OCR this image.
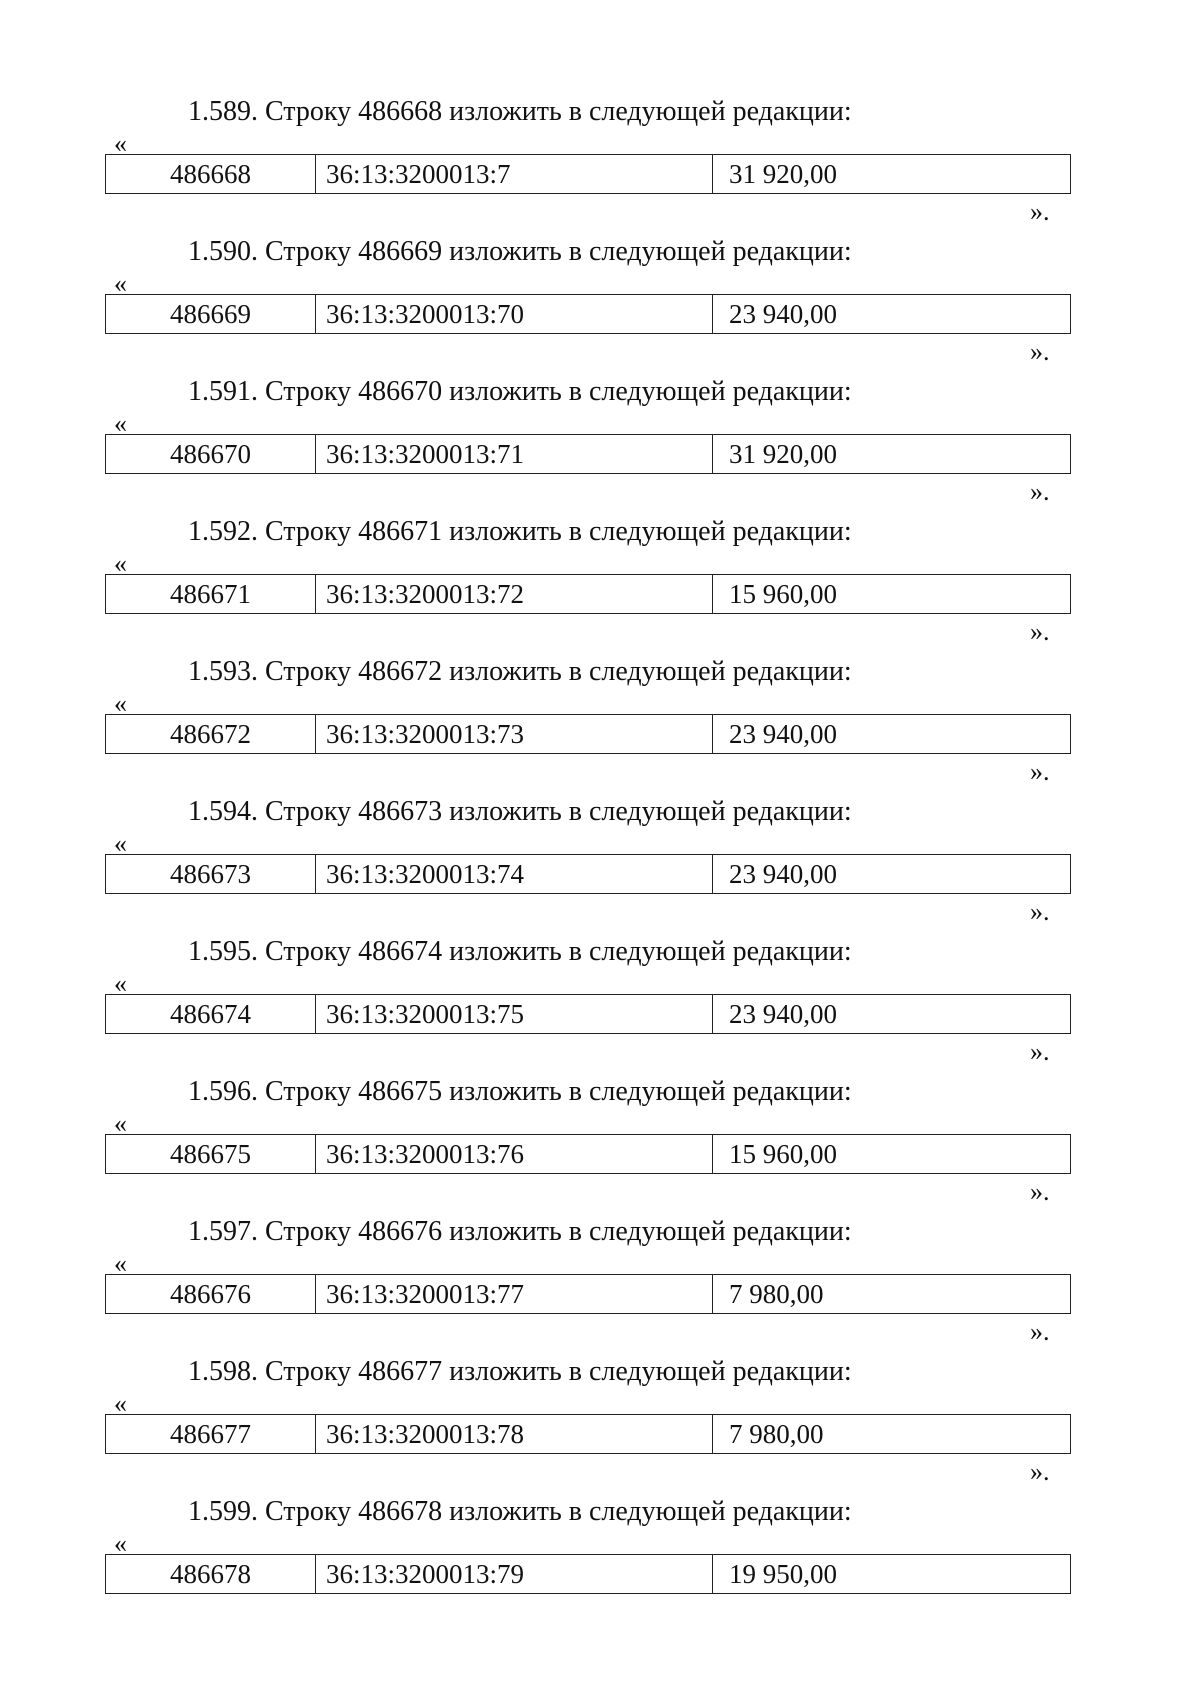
1.589. Строку 486668 изложить в следующей редакции:
«
486668	36:13:3200013:7	31 920,00
».
1.590. Строку 486669 изложить в следующей редакции:
«
486669	36:13:3200013:70	23 940,00
».
1.591. Строку 486670 изложить в следующей редакции:
«
486670	36:13:3200013:71	31 920,00
».
1.592. Строку 486671 изложить в следующей редакции:
«
486671	36:13:3200013:72	15 960,00
».
1.593. Строку 486672 изложить в следующей редакции:
«
486672	36:13:3200013:73	23 940,00
».
1.594. Строку 486673 изложить в следующей редакции:
«
486673	36:13:3200013:74	23 940,00
».
1.595. Строку 486674 изложить в следующей редакции:
«
486674	36:13:3200013:75	23 940,00
».
1.596. Строку 486675 изложить в следующей редакции:
«
486675	36:13:3200013:76	15 960,00
».
1.597. Строку 486676 изложить в следующей редакции:
«
486676	36:13:3200013:77	7 980,00
».
1.598. Строку 486677 изложить в следующей редакции:
«
486677	36:13:3200013:78	7 980,00
».
1.599. Строку 486678 изложить в следующей редакции:
«
486678	36:13:3200013:79	19 950,00
